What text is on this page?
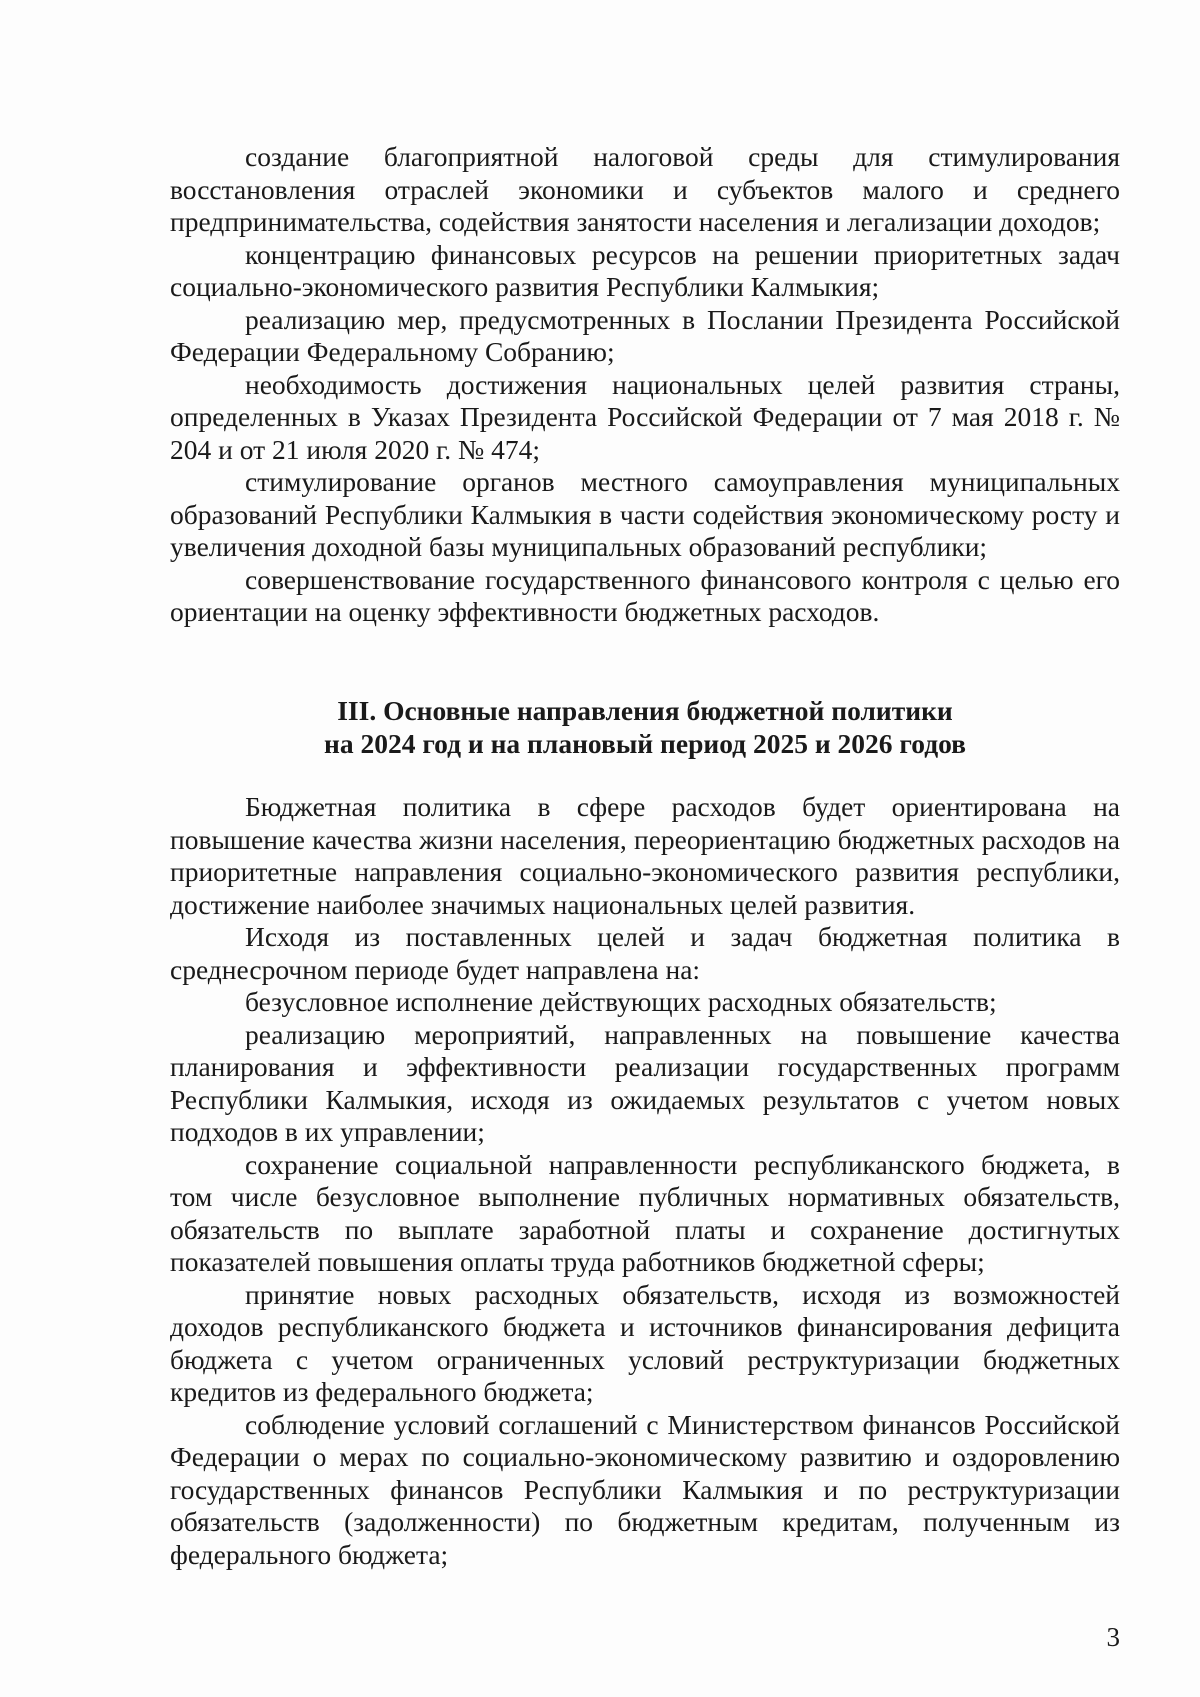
создание благоприятной налоговой среды для стимулирования восстановления отраслей экономики и субъектов малого и среднего предпринимательства, содействия занятости населения и легализации доходов;

концентрацию финансовых ресурсов на решении приоритетных задач социально-экономического развития Республики Калмыкия;

реализацию мер, предусмотренных в Послании Президента Российской Федерации Федеральному Собранию;

необходимость достижения национальных целей развития страны, определенных в Указах Президента Российской Федерации от 7 мая 2018 г. № 204 и от 21 июля 2020 г. № 474;

стимулирование органов местного самоуправления муниципальных образований Республики Калмыкия в части содействия экономическому росту и увеличения доходной базы муниципальных образований республики;

совершенствование государственного финансового контроля с целью его ориентации на оценку эффективности бюджетных расходов.

III. Основные направления бюджетной политики
на 2024 год и на плановый период 2025 и 2026 годов

Бюджетная политика в сфере расходов будет ориентирована на повышение качества жизни населения, переориентацию бюджетных расходов на приоритетные направления социально-экономического развития республики, достижение наиболее значимых национальных целей развития.

Исходя из поставленных целей и задач бюджетная политика в среднесрочном периоде будет направлена на:

безусловное исполнение действующих расходных обязательств;

реализацию мероприятий, направленных на повышение качества планирования и эффективности реализации государственных программ Республики Калмыкия, исходя из ожидаемых результатов с учетом новых подходов в их управлении;

сохранение социальной направленности республиканского бюджета, в том числе безусловное выполнение публичных нормативных обязательств, обязательств по выплате заработной платы и сохранение достигнутых показателей повышения оплаты труда работников бюджетной сферы;

принятие новых расходных обязательств, исходя из возможностей доходов республиканского бюджета и источников финансирования дефицита бюджета с учетом ограниченных условий реструктуризации бюджетных кредитов из федерального бюджета;

соблюдение условий соглашений с Министерством финансов Российской Федерации о мерах по социально-экономическому развитию и оздоровлению государственных финансов Республики Калмыкия и по реструктуризации обязательств (задолженности) по бюджетным кредитам, полученным из федерального бюджета;

3
